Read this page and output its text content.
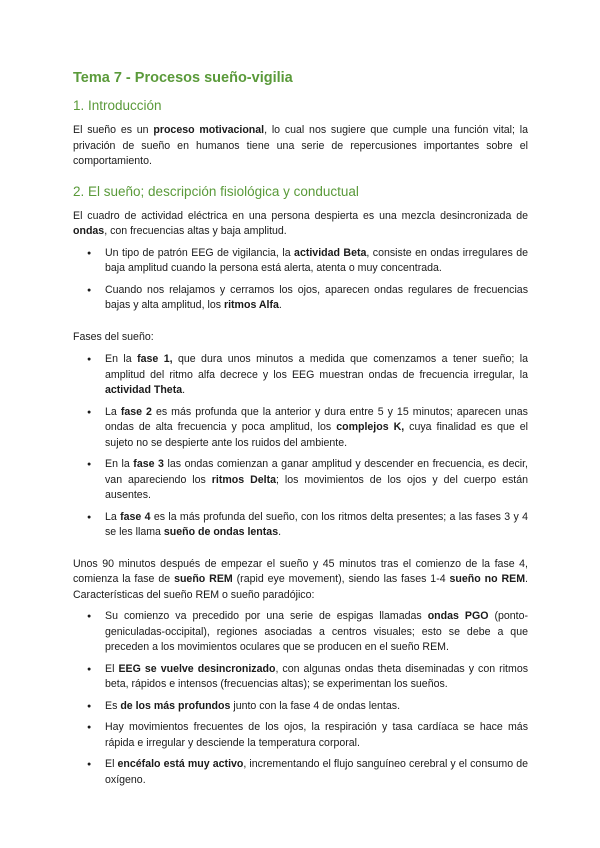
Tema 7 - Procesos sueño-vigilia
1. Introducción

El sueño es un proceso motivacional, lo cual nos sugiere que cumple una función vital; la privación de sueño en humanos tiene una serie de repercusiones importantes sobre el comportamiento.

2. El sueño; descripción fisiológica y conductual

El cuadro de actividad eléctrica en una persona despierta es una mezcla desincronizada de ondas, con frecuencias altas y baja amplitud.

● Un tipo de patrón EEG de vigilancia, la actividad Beta, consiste en ondas irregulares de baja amplitud cuando la persona está alerta, atenta o muy concentrada.
● Cuando nos relajamos y cerramos los ojos, aparecen ondas regulares de frecuencias bajas y alta amplitud, los ritmos Alfa.

Fases del sueño:

● En la fase 1, que dura unos minutos a medida que comenzamos a tener sueño; la amplitud del ritmo alfa decrece y los EEG muestran ondas de frecuencia irregular, la actividad Theta.
● La fase 2 es más profunda que la anterior y dura entre 5 y 15 minutos; aparecen unas ondas de alta frecuencia y poca amplitud, los complejos K, cuya finalidad es que el sujeto no se despierte ante los ruidos del ambiente.
● En la fase 3 las ondas comienzan a ganar amplitud y descender en frecuencia, es decir, van apareciendo los ritmos Delta; los movimientos de los ojos y del cuerpo están ausentes.
● La fase 4 es la más profunda del sueño, con los ritmos delta presentes; a las fases 3 y 4 se les llama sueño de ondas lentas.

Unos 90 minutos después de empezar el sueño y 45 minutos tras el comienzo de la fase 4, comienza la fase de sueño REM (rapid eye movement), siendo las fases 1-4 sueño no REM. Características del sueño REM o sueño paradójico:

● Su comienzo va precedido por una serie de espigas llamadas ondas PGO (ponto-geniculadas-occipital), regiones asociadas a centros visuales; esto se debe a que preceden a los movimientos oculares que se producen en el sueño REM.
● El EEG se vuelve desincronizado, con algunas ondas theta diseminadas y con ritmos beta, rápidos e intensos (frecuencias altas); se experimentan los sueños.
● Es de los más profundos junto con la fase 4 de ondas lentas.
● Hay movimientos frecuentes de los ojos, la respiración y tasa cardíaca se hace más rápida e irregular y desciende la temperatura corporal.
● El encéfalo está muy activo, incrementando el flujo sanguíneo cerebral y el consumo de oxígeno.
